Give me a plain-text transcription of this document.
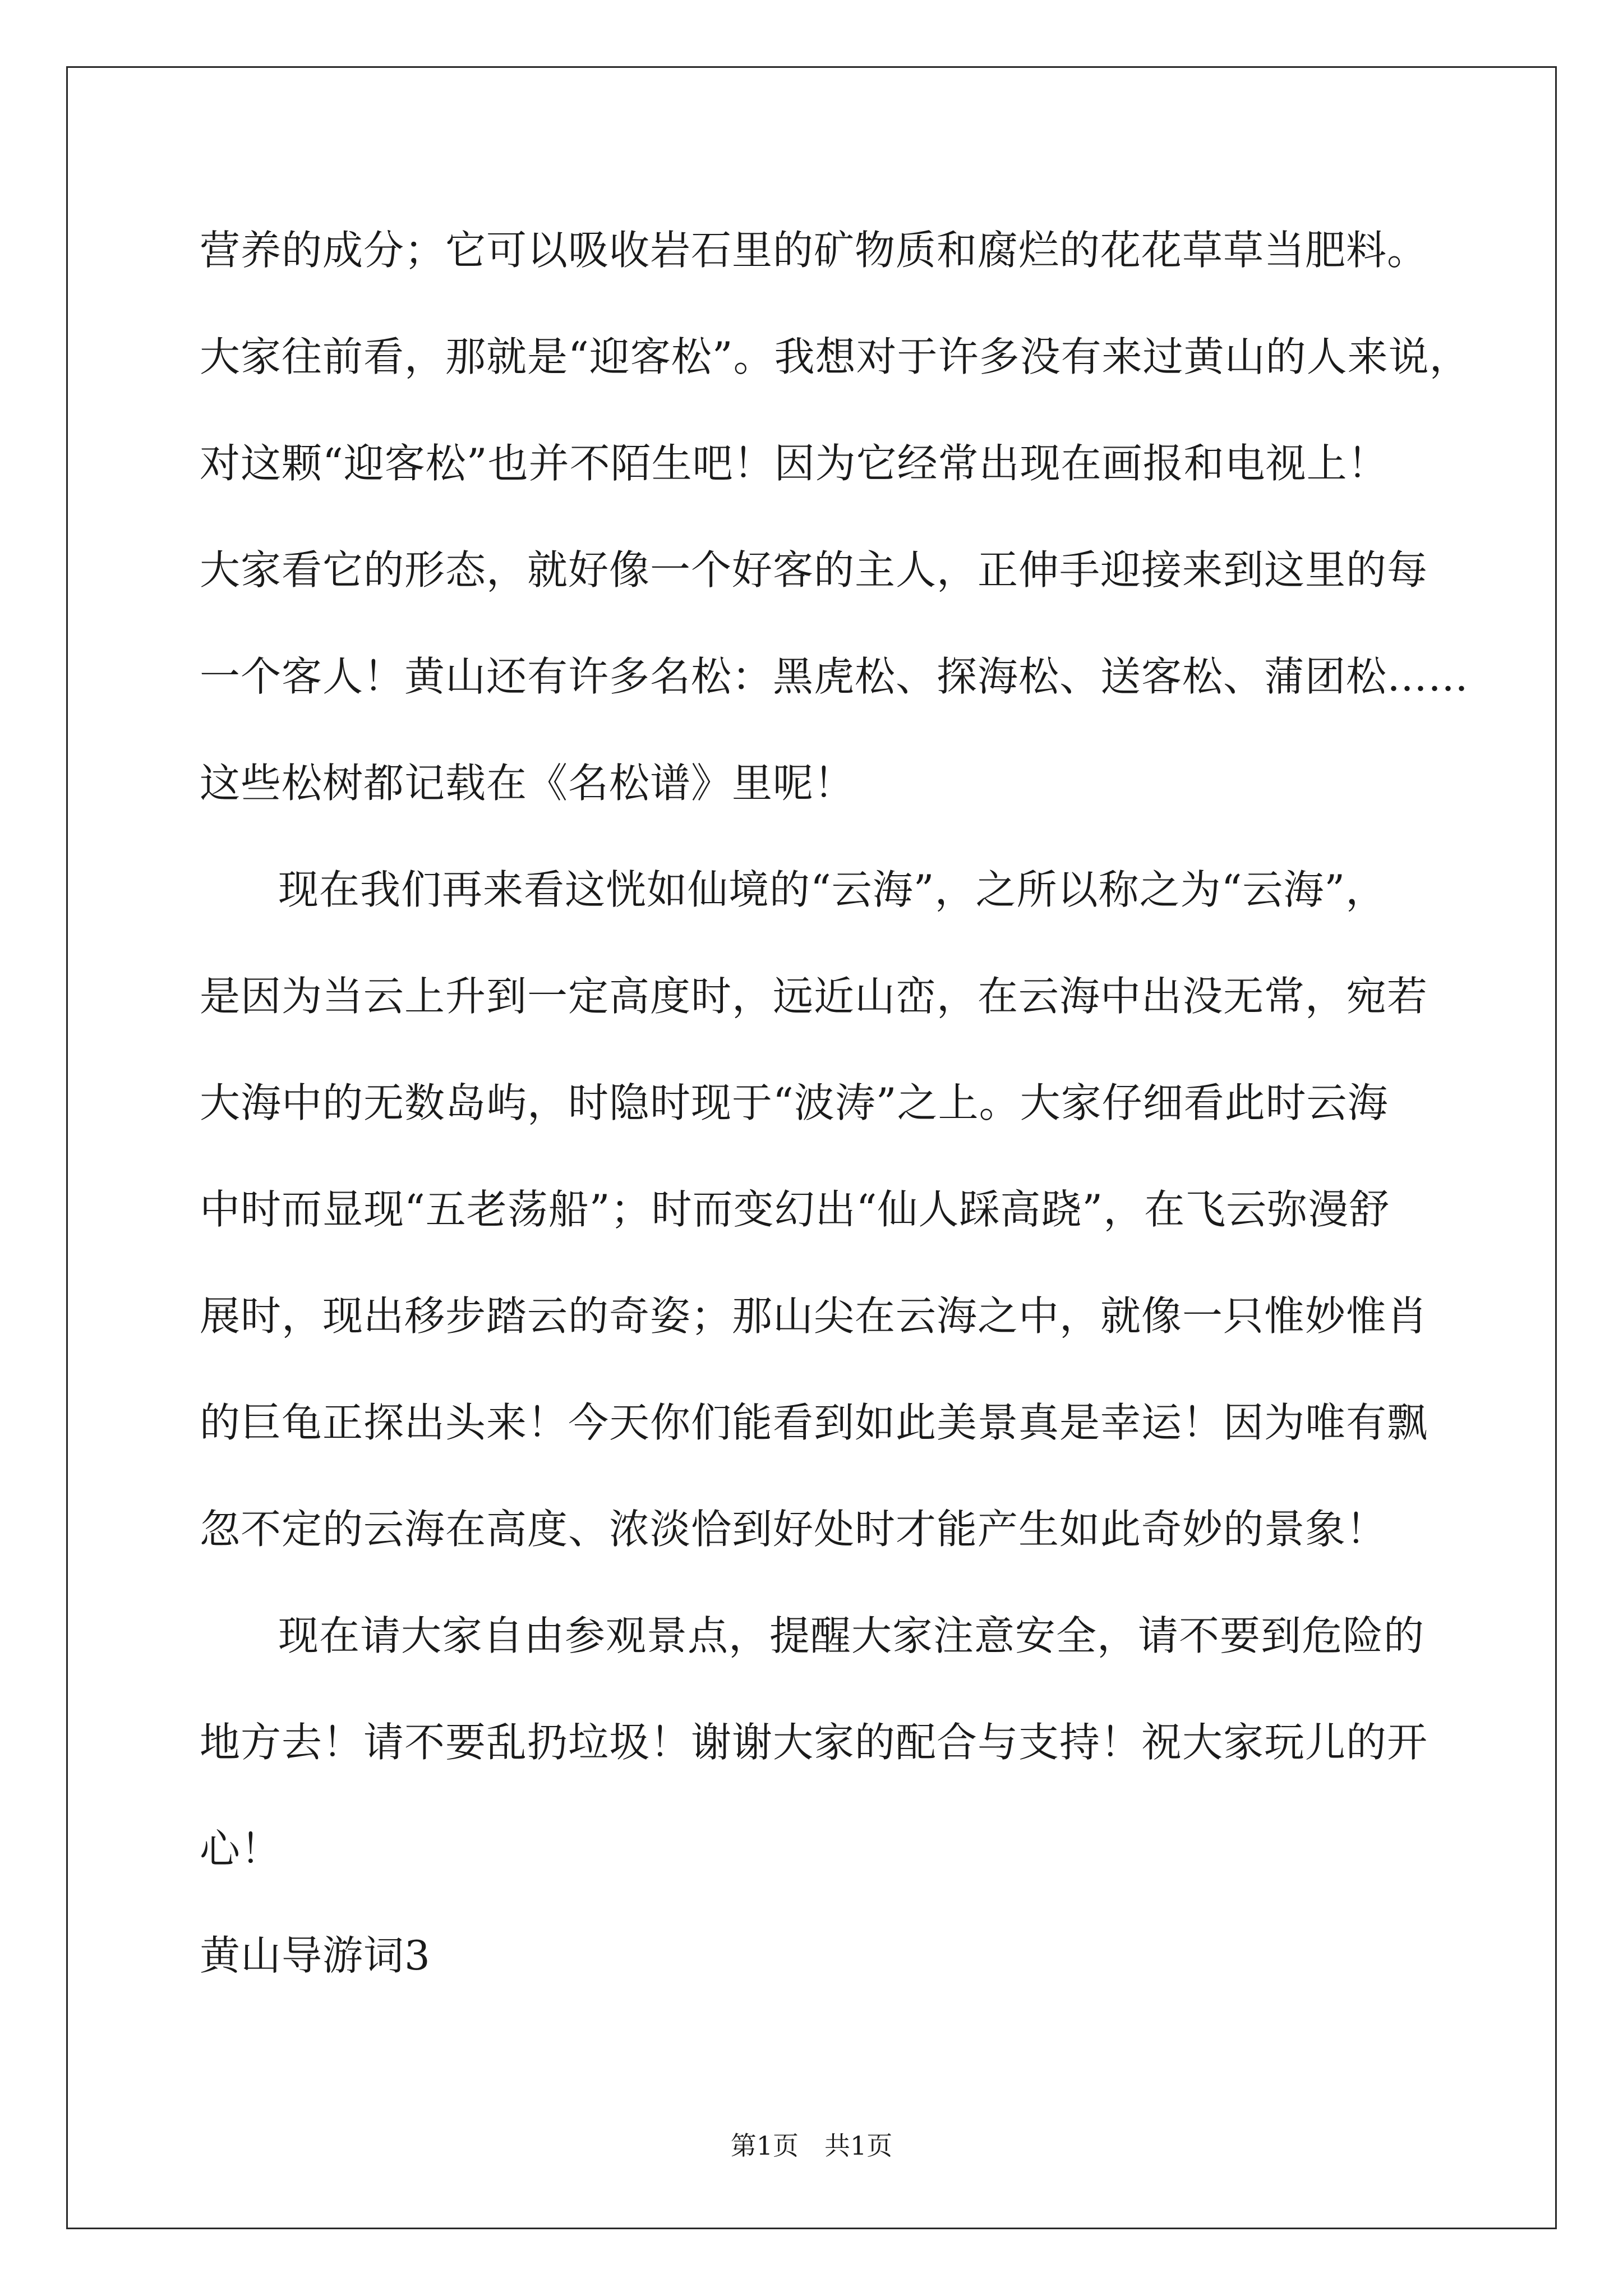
营养的成分；它可以吸收岩石里的矿物质和腐烂的花花草草当肥料。
大家往前看，那就是“迎客松”。我想对于许多没有来过黄山的人来说，
对这颗“迎客松”也并不陌生吧！因为它经常出现在画报和电视上！
大家看它的形态，就好像一个好客的主人，正伸手迎接来到这里的每
一个客人！黄山还有许多名松：黑虎松、探海松、送客松、蒲团松……
这些松树都记载在《名松谱》里呢！
现在我们再来看这恍如仙境的“云海”，之所以称之为“云海”，
是因为当云上升到一定高度时，远近山峦，在云海中出没无常，宛若
大海中的无数岛屿，时隐时现于“波涛”之上。大家仔细看此时云海
中时而显现“五老荡船”；时而变幻出“仙人踩高跷”，在飞云弥漫舒
展时，现出移步踏云的奇姿；那山尖在云海之中，就像一只惟妙惟肖
的巨龟正探出头来！今天你们能看到如此美景真是幸运！因为唯有飘
忽不定的云海在高度、浓淡恰到好处时才能产生如此奇妙的景象！
现在请大家自由参观景点，提醒大家注意安全，请不要到危险的
地方去！请不要乱扔垃圾！谢谢大家的配合与支持！祝大家玩儿的开
心！
黄山导游词3
第1页　共1页
